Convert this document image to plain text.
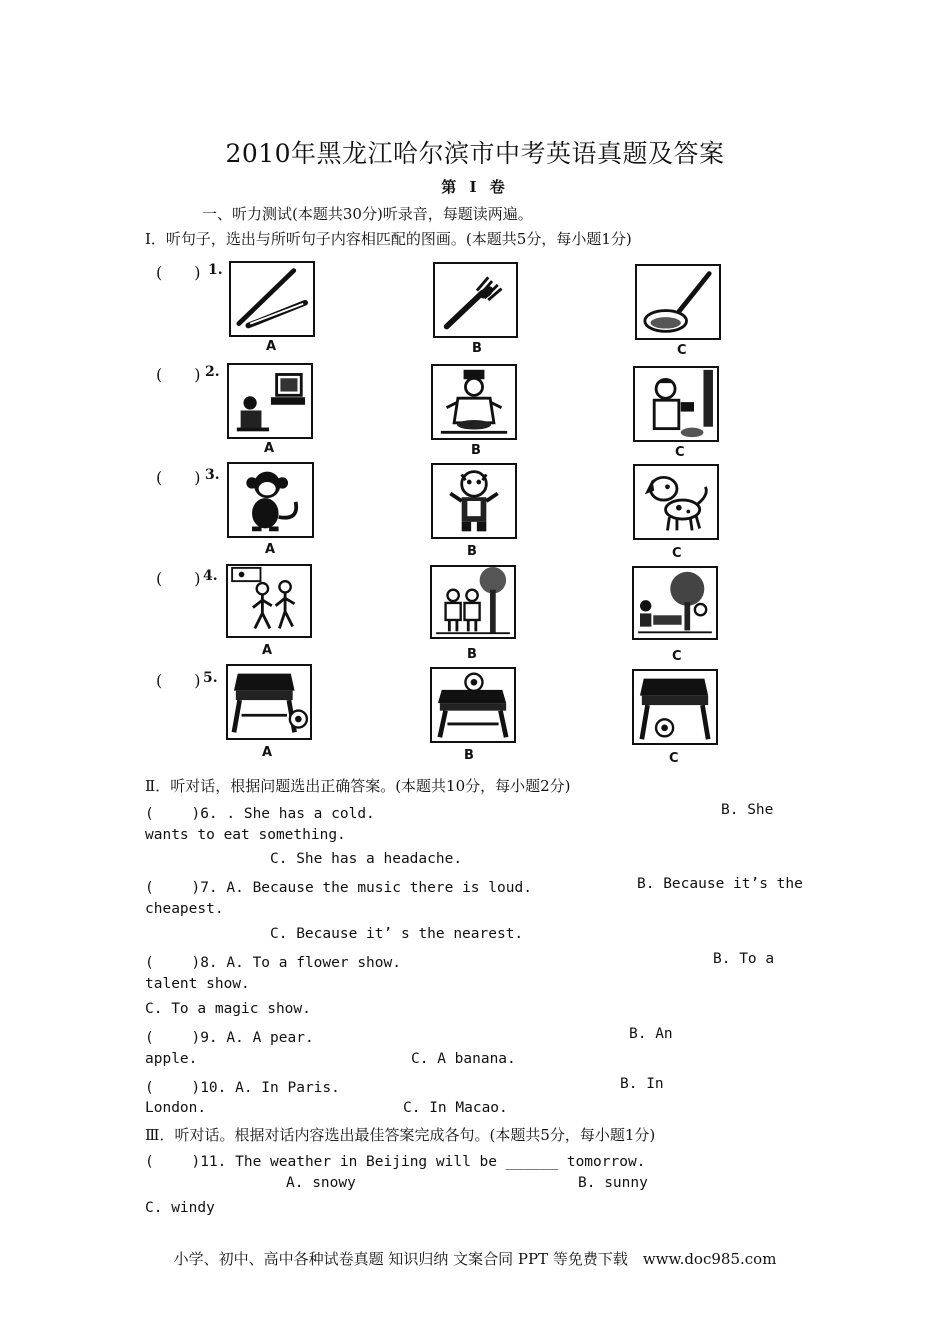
2010年黑龙江哈尔滨市中考英语真题及答案
第 I 卷
一、听力测试(本题共30分)听录音，每题读两遍。
I．听句子，选出与所听句子内容相匹配的图画。(本题共5分，每小题1分)
(　　) 1.
A	B	C
(　　) 2.
A	B	C
(　　) 3.
A	B	C
(　　) 4.
A	B	C
(　　) 5.
A	B	C
Ⅱ．听对话，根据问题选出正确答案。(本题共10分，每小题2分)
(　　 )6. . She has a cold.	B. She
wants to eat something.
C. She has a headache.
(　　 )7. A. Because the music there is loud.	B. Because it’s the
cheapest.
C. Because it’ s the nearest.
(　　 )8. A. To a flower show.	B. To a
talent show.
C. To a magic show.
(　　 )9. A. A pear.	B. An
apple.	C. A banana.
(　　 )10. A. In Paris.	B. In
London.	C. In Macao.
Ⅲ．听对话。根据对话内容选出最佳答案完成各句。(本题共5分，每小题1分)
(　　 )11. The weather in Beijing will be ______ tomorrow.
A. snowy	B. sunny
C. windy
小学、初中、高中各种试卷真题 知识归纳 文案合同 PPT 等免费下载　www.doc985.com
